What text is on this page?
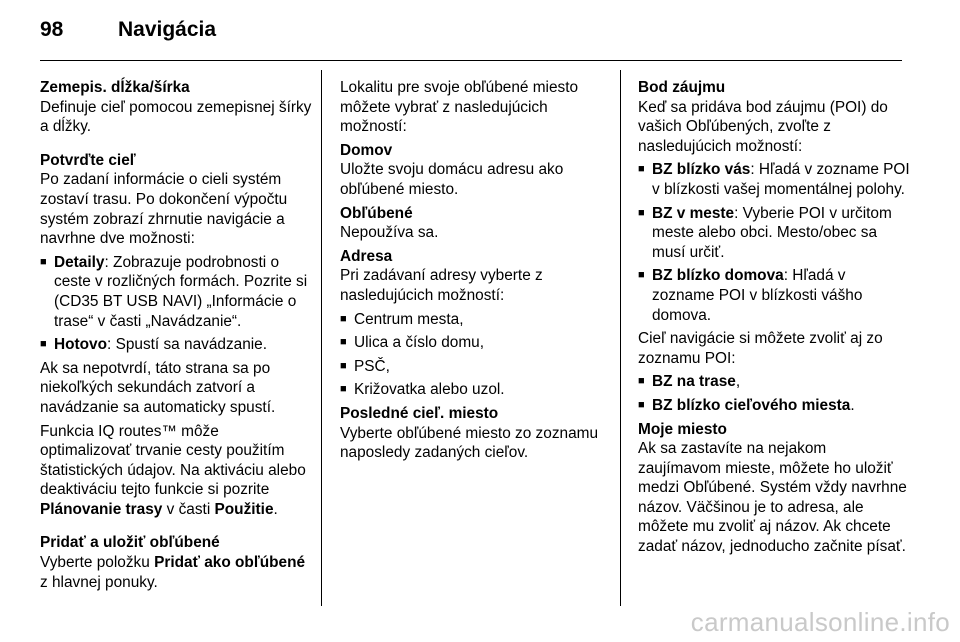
98	Navigácia

Zemepis. dĺžka/šírka

Definuje cieľ pomocou zemepisnej šírky a dĺžky.

Potvrďte cieľ

Po zadaní informácie o cieli systém zostaví trasu. Po dokončení výpočtu systém zobrazí zhrnutie navigácie a navrhne dve možnosti:

■ Detaily: Zobrazuje podrobnosti o ceste v rozličných formách. Pozrite si (CD35 BT USB NAVI) „Informácie o trase“ v časti „Navádzanie“.
■ Hotovo: Spustí sa navádzanie.

Ak sa nepotvrdí, táto strana sa po niekoľkých sekundách zatvorí a navádzanie sa automaticky spustí.

Funkcia IQ routes™ môže optimalizovať trvanie cesty použitím štatistických údajov. Na aktiváciu alebo deaktiváciu tejto funkcie si pozrite Plánovanie trasy v časti Použitie.

Pridať a uložiť obľúbené

Vyberte položku Pridať ako obľúbené z hlavnej ponuky.

Lokalitu pre svoje obľúbené miesto môžete vybrať z nasledujúcich možností:

Domov

Uložte svoju domácu adresu ako obľúbené miesto.

Obľúbené

Nepoužíva sa.

Adresa

Pri zadávaní adresy vyberte z nasledujúcich možností:

■ Centrum mesta,
■ Ulica a číslo domu,
■ PSČ,
■ Križovatka alebo uzol.

Posledné cieľ. miesto

Vyberte obľúbené miesto zo zoznamu naposledy zadaných cieľov.

Bod záujmu

Keď sa pridáva bod záujmu (POI) do vašich Obľúbených, zvoľte z nasledujúcich možností:

■ BZ blízko vás: Hľadá v zozname POI v blízkosti vašej momentálnej polohy.
■ BZ v meste: Vyberie POI v určitom meste alebo obci. Mesto/obec sa musí určiť.
■ BZ blízko domova: Hľadá v zozname POI v blízkosti vášho domova.

Cieľ navigácie si môžete zvoliť aj zo zoznamu POI:

■ BZ na trase,
■ BZ blízko cieľového miesta.

Moje miesto

Ak sa zastavíte na nejakom zaujímavom mieste, môžete ho uložiť medzi Obľúbené. Systém vždy navrhne názov. Väčšinou je to adresa, ale môžete mu zvoliť aj názov. Ak chcete zadať názov, jednoducho začnite písať.

carmanualsonline.info
